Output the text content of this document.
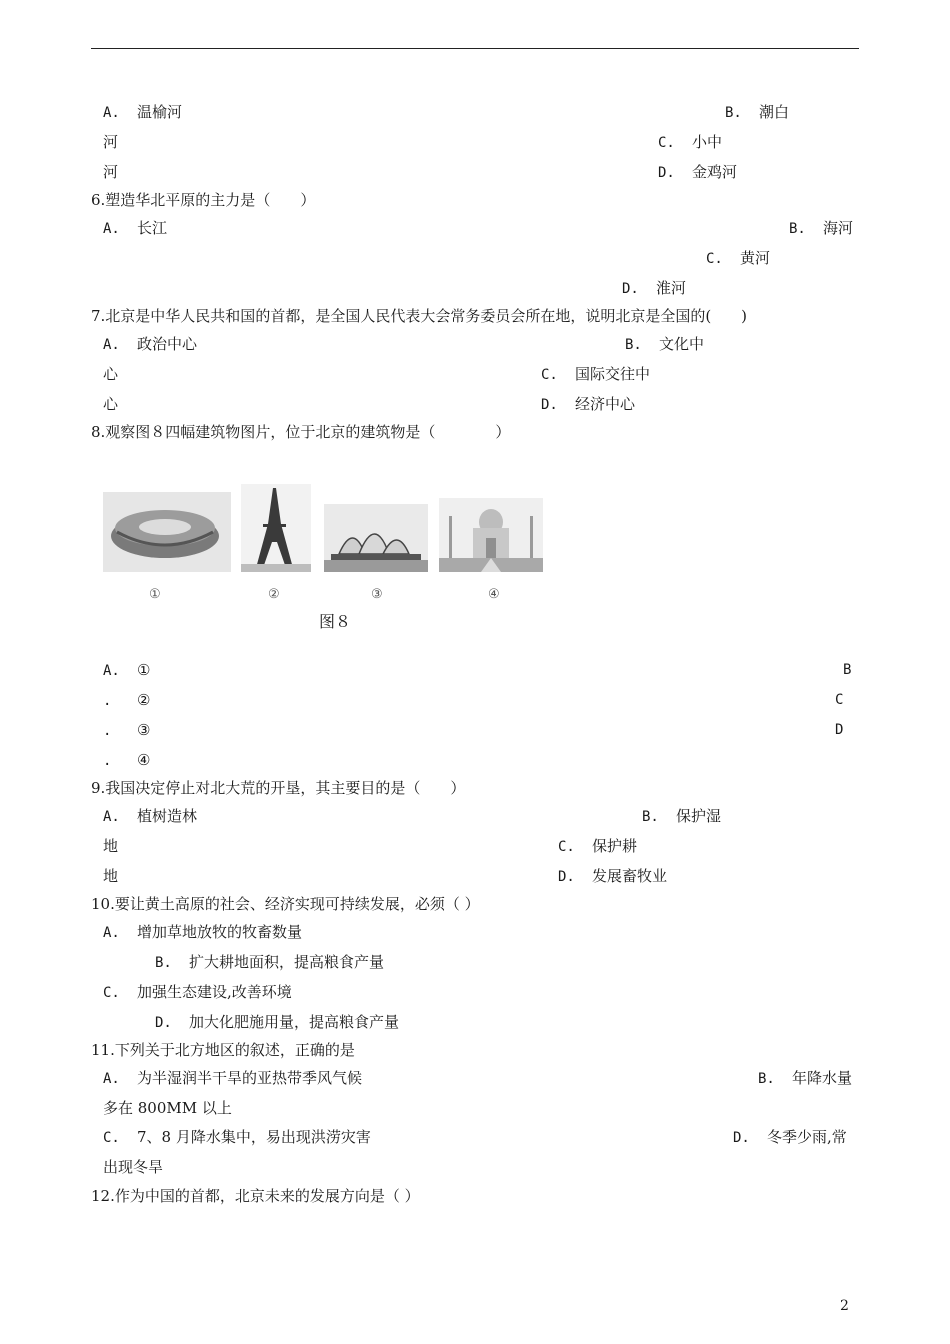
A. 温榆河	B. 潮白
河	C. 小中
河	D. 金鸡河
6.塑造华北平原的主力是（　　）
A. 长江	B. 海河
C. 黄河
D. 淮河
7.北京是中华人民共和国的首都，是全国人民代表大会常务委员会所在地，说明北京是全国的(　　)
A. 政治中心	B. 文化中
心	C. 国际交往中
心	D. 经济中心
8.观察图８四幅建筑物图片，位于北京的建筑物是（　　　　）
①	②	③	④
图８
A. ①	B
. ②	C
. ③	D
. ④
9.我国决定停止对北大荒的开垦，其主要目的是（　　）
A. 植树造林	B. 保护湿
地	C. 保护耕
地	D. 发展畜牧业
10.要让黄土高原的社会、经济实现可持续发展，必须（ ）
A. 增加草地放牧的牧畜数量
B. 扩大耕地面积，提高粮食产量
C. 加强生态建设,改善环境
D. 加大化肥施用量，提高粮食产量
11.下列关于北方地区的叙述，正确的是
A. 为半湿润半干旱的亚热带季风气候	B. 年降水量
多在 800MM 以上
C. 7、8 月降水集中，易出现洪涝灾害	D. 冬季少雨,常
出现冬旱
12.作为中国的首都，北京未来的发展方向是（ ）
2
